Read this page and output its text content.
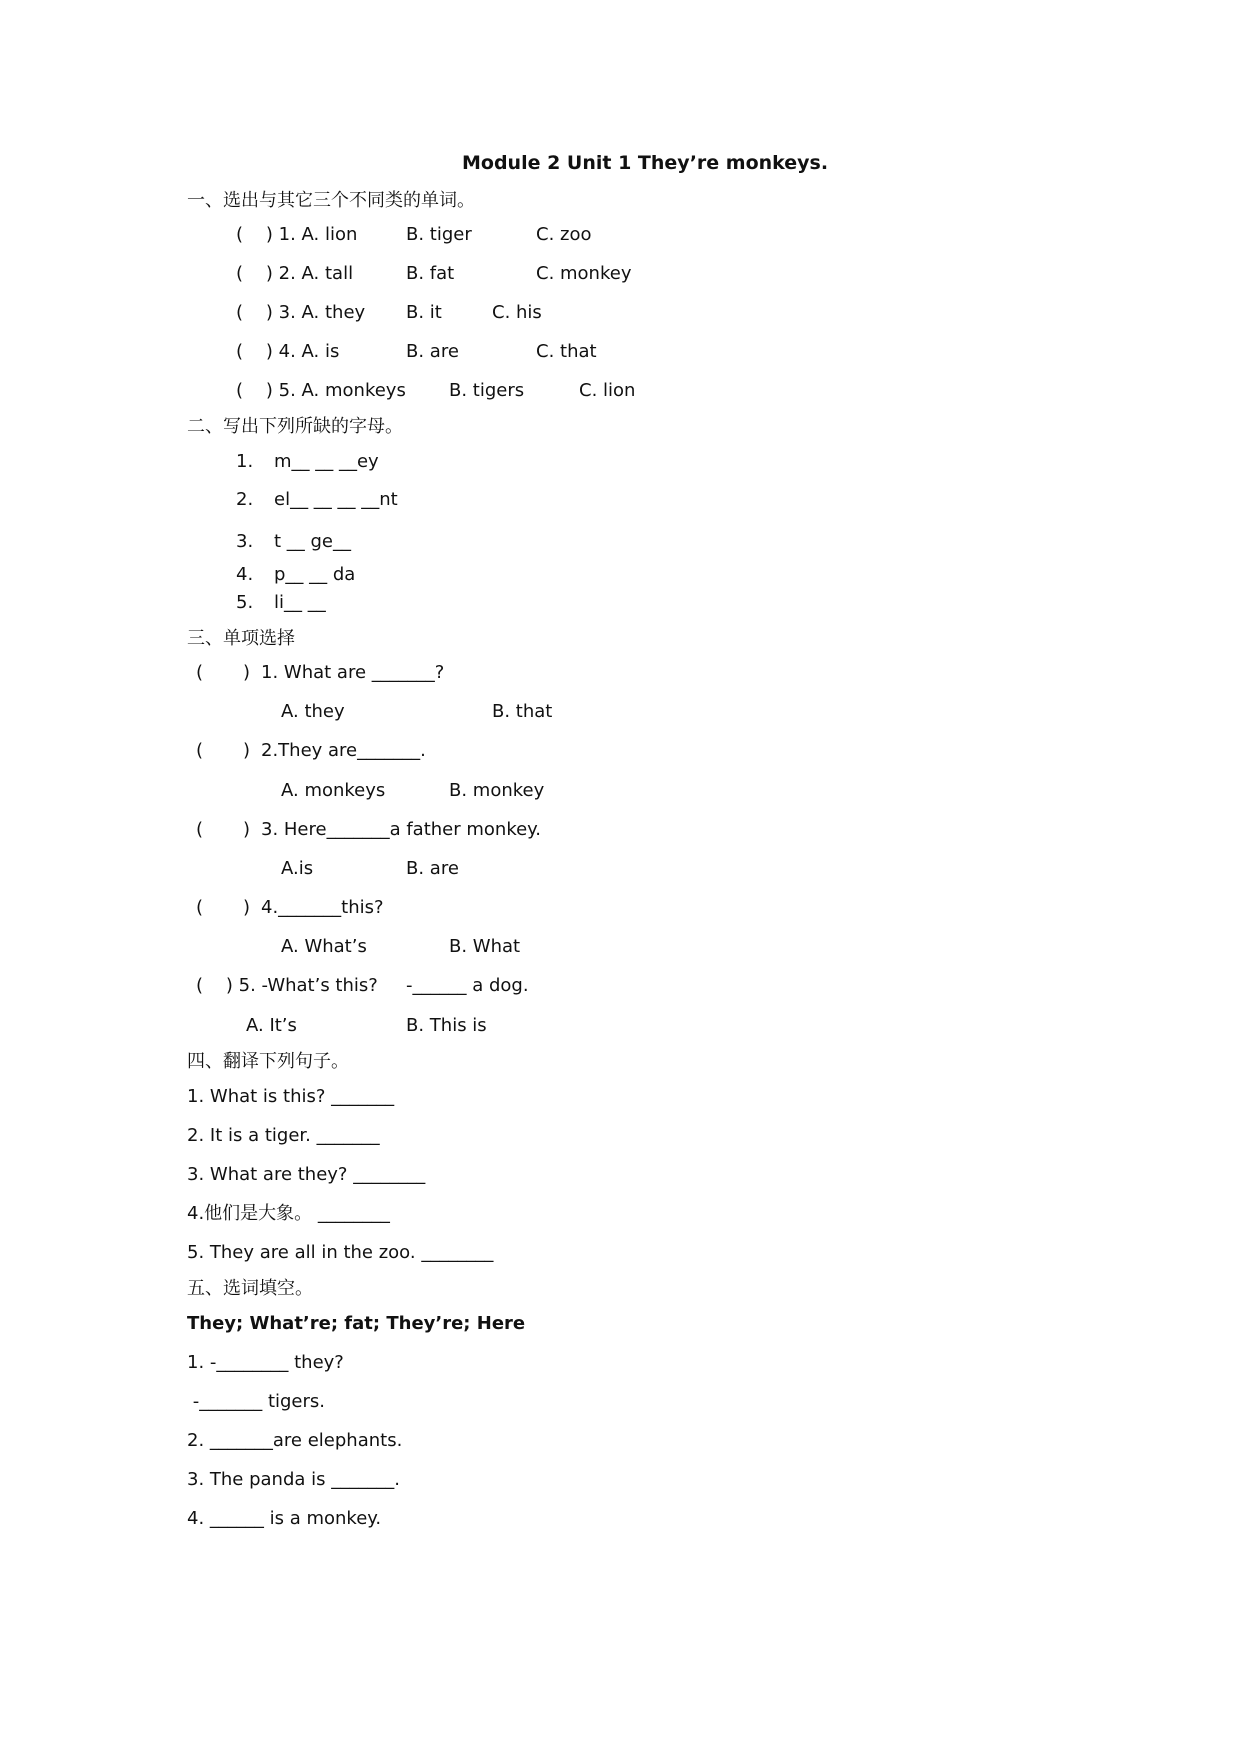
Module 2 Unit 1 They’re monkeys.
一、选出与其它三个不同类的单词。
(    ) 1. A. lion	B. tiger	C. zoo
(    ) 2. A. tall	B. fat	C. monkey
(    ) 3. A. they B. it	C. his
(    ) 4. A. is	B. are	C. that
(    ) 5. A. monkeys B. tigers	C. lion
二、写出下列所缺的字母。
1. m__ __ __ey
2. el__ __ __ __nt
3. t __ ge__
4. p__ __ da
5. li__ __
三、单项选择
( ) 1. What are _______?
A. they	B. that
( ) 2.They are_______.
A. monkeys	B. monkey
( ) 3. Here_______a father monkey.
A.is	B. are
( ) 4._______this?
A. What’s	B. What
(    ) 5. -What’s this? -______ a dog.
A. It’s	B. This is
四、翻译下列句子。
1. What is this? _______
2. It is a tiger. _______
3. What are they? ________
4.他们是大象。 ________
5. They are all in the zoo. ________
五、选词填空。
They; What’re; fat; They’re; Here
1. -________ they?
-_______ tigers.
2. _______are elephants.
3. The panda is _______.
4. ______ is a monkey.
